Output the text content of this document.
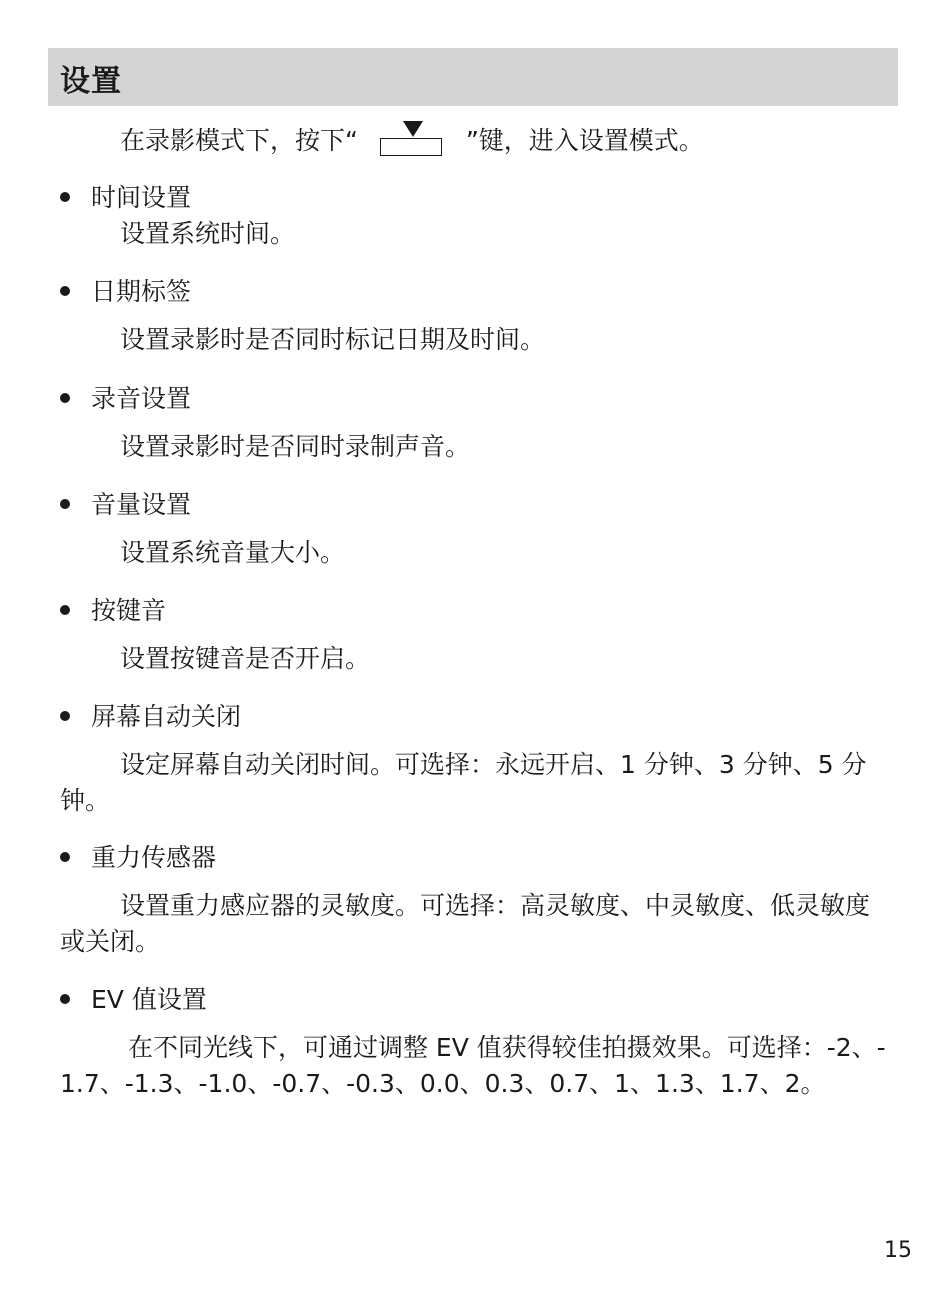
设置
在录影模式下，按下“	”键，进入设置模式。
时间设置
设置系统时间。
日期标签
设置录影时是否同时标记日期及时间。
录音设置
设置录影时是否同时录制声音。
音量设置
设置系统音量大小。
按键音
设置按键音是否开启。
屏幕自动关闭
设定屏幕自动关闭时间。可选择：永远开启、1 分钟、3 分钟、5 分钟。
重力传感器
设置重力感应器的灵敏度。可选择：高灵敏度、中灵敏度、低灵敏度或关闭。
EV 值设置
在不同光线下，可通过调整 EV 值获得较佳拍摄效果。可选择：-2、-1.7、-1.3、-1.0、-0.7、-0.3、0.0、0.3、0.7、1、1.3、1.7、2。
15
